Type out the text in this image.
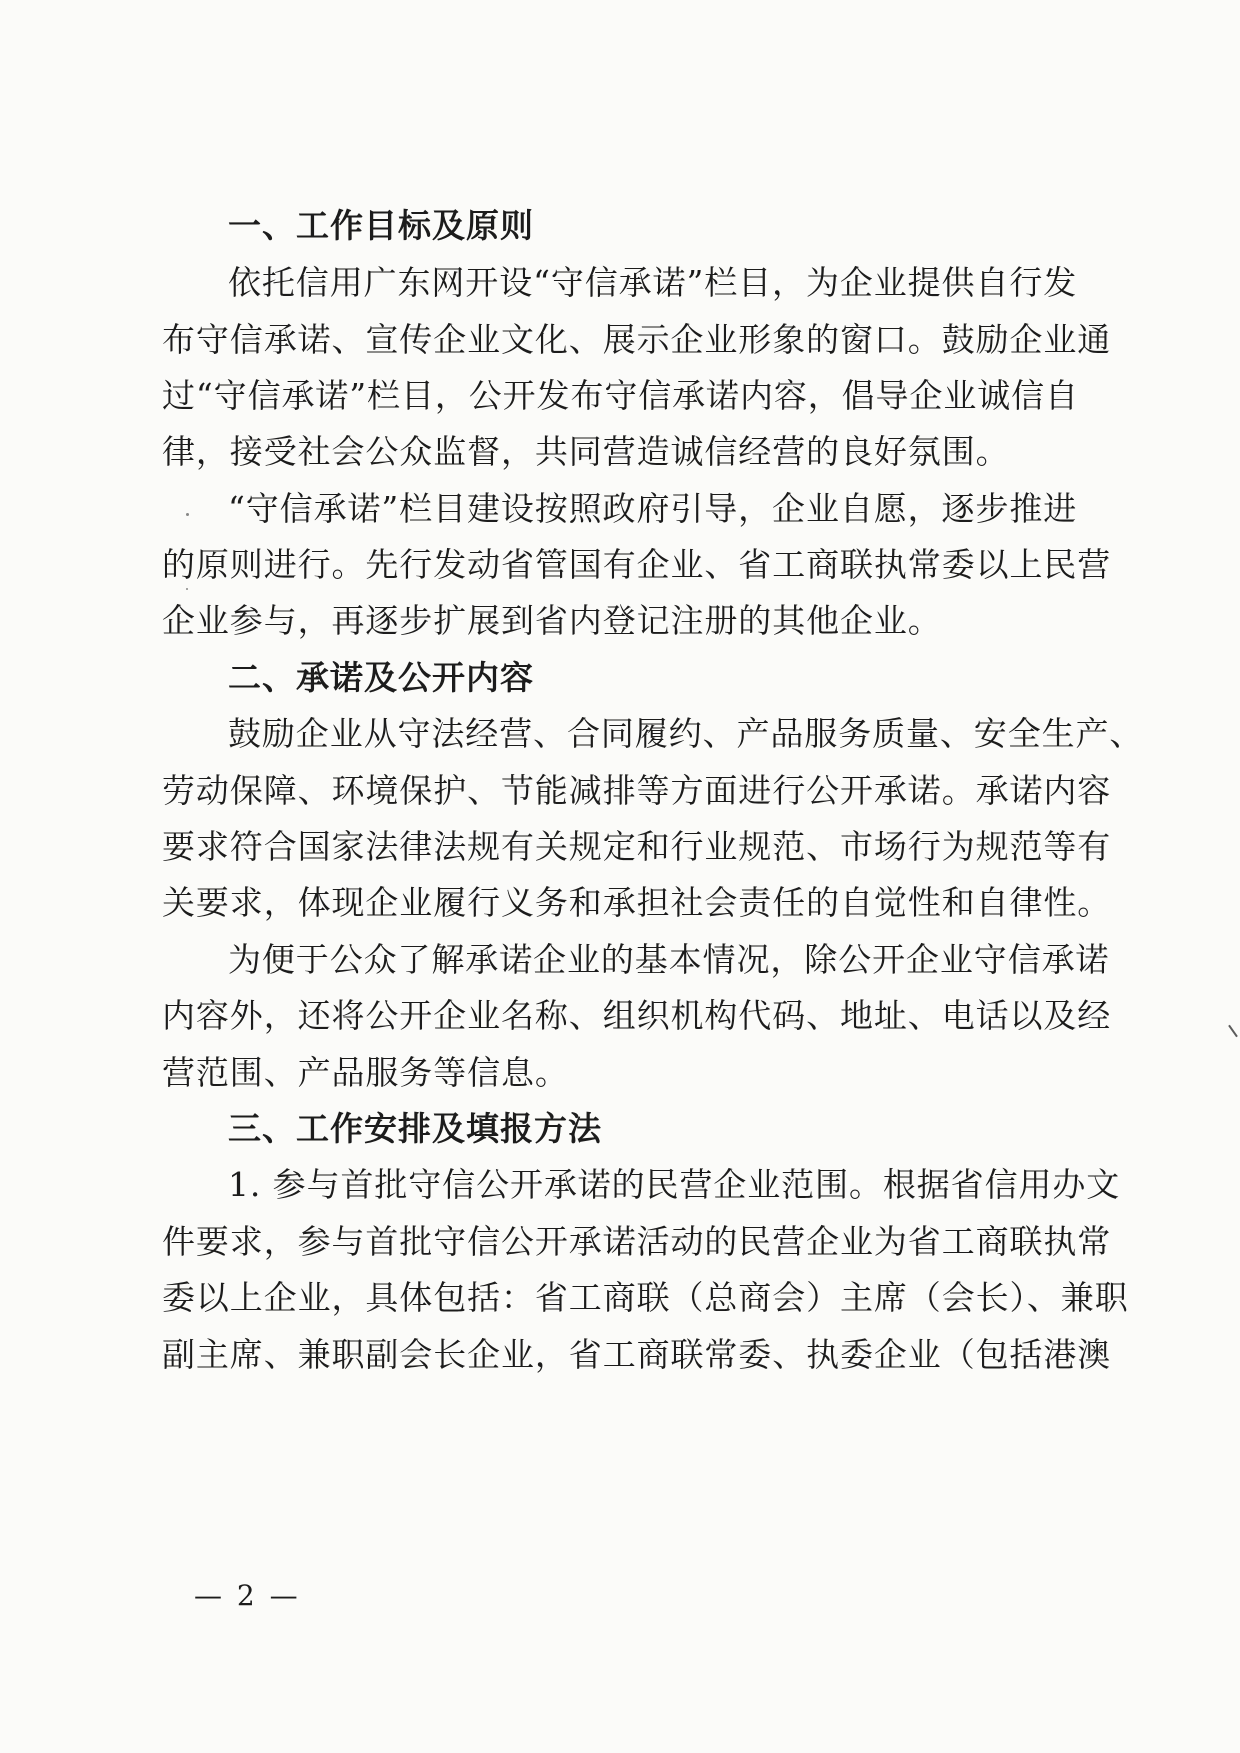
一、工作目标及原则
依托信用广东网开设“守信承诺”栏目，为企业提供自行发
布守信承诺、宣传企业文化、展示企业形象的窗口。鼓励企业通
过“守信承诺”栏目，公开发布守信承诺内容，倡导企业诚信自
律，接受社会公众监督，共同营造诚信经营的良好氛围。
“守信承诺”栏目建设按照政府引导，企业自愿，逐步推进
的原则进行。先行发动省管国有企业、省工商联执常委以上民营
企业参与，再逐步扩展到省内登记注册的其他企业。
二、承诺及公开内容
鼓励企业从守法经营、合同履约、产品服务质量、安全生产、
劳动保障、环境保护、节能减排等方面进行公开承诺。承诺内容
要求符合国家法律法规有关规定和行业规范、市场行为规范等有
关要求，体现企业履行义务和承担社会责任的自觉性和自律性。
为便于公众了解承诺企业的基本情况，除公开企业守信承诺
内容外，还将公开企业名称、组织机构代码、地址、电话以及经
营范围、产品服务等信息。
三、工作安排及填报方法
1. 参与首批守信公开承诺的民营企业范围。根据省信用办文
件要求，参与首批守信公开承诺活动的民营企业为省工商联执常
委以上企业，具体包括：省工商联（总商会）主席（会长）、兼职
副主席、兼职副会长企业，省工商联常委、执委企业（包括港澳
— 2 —
